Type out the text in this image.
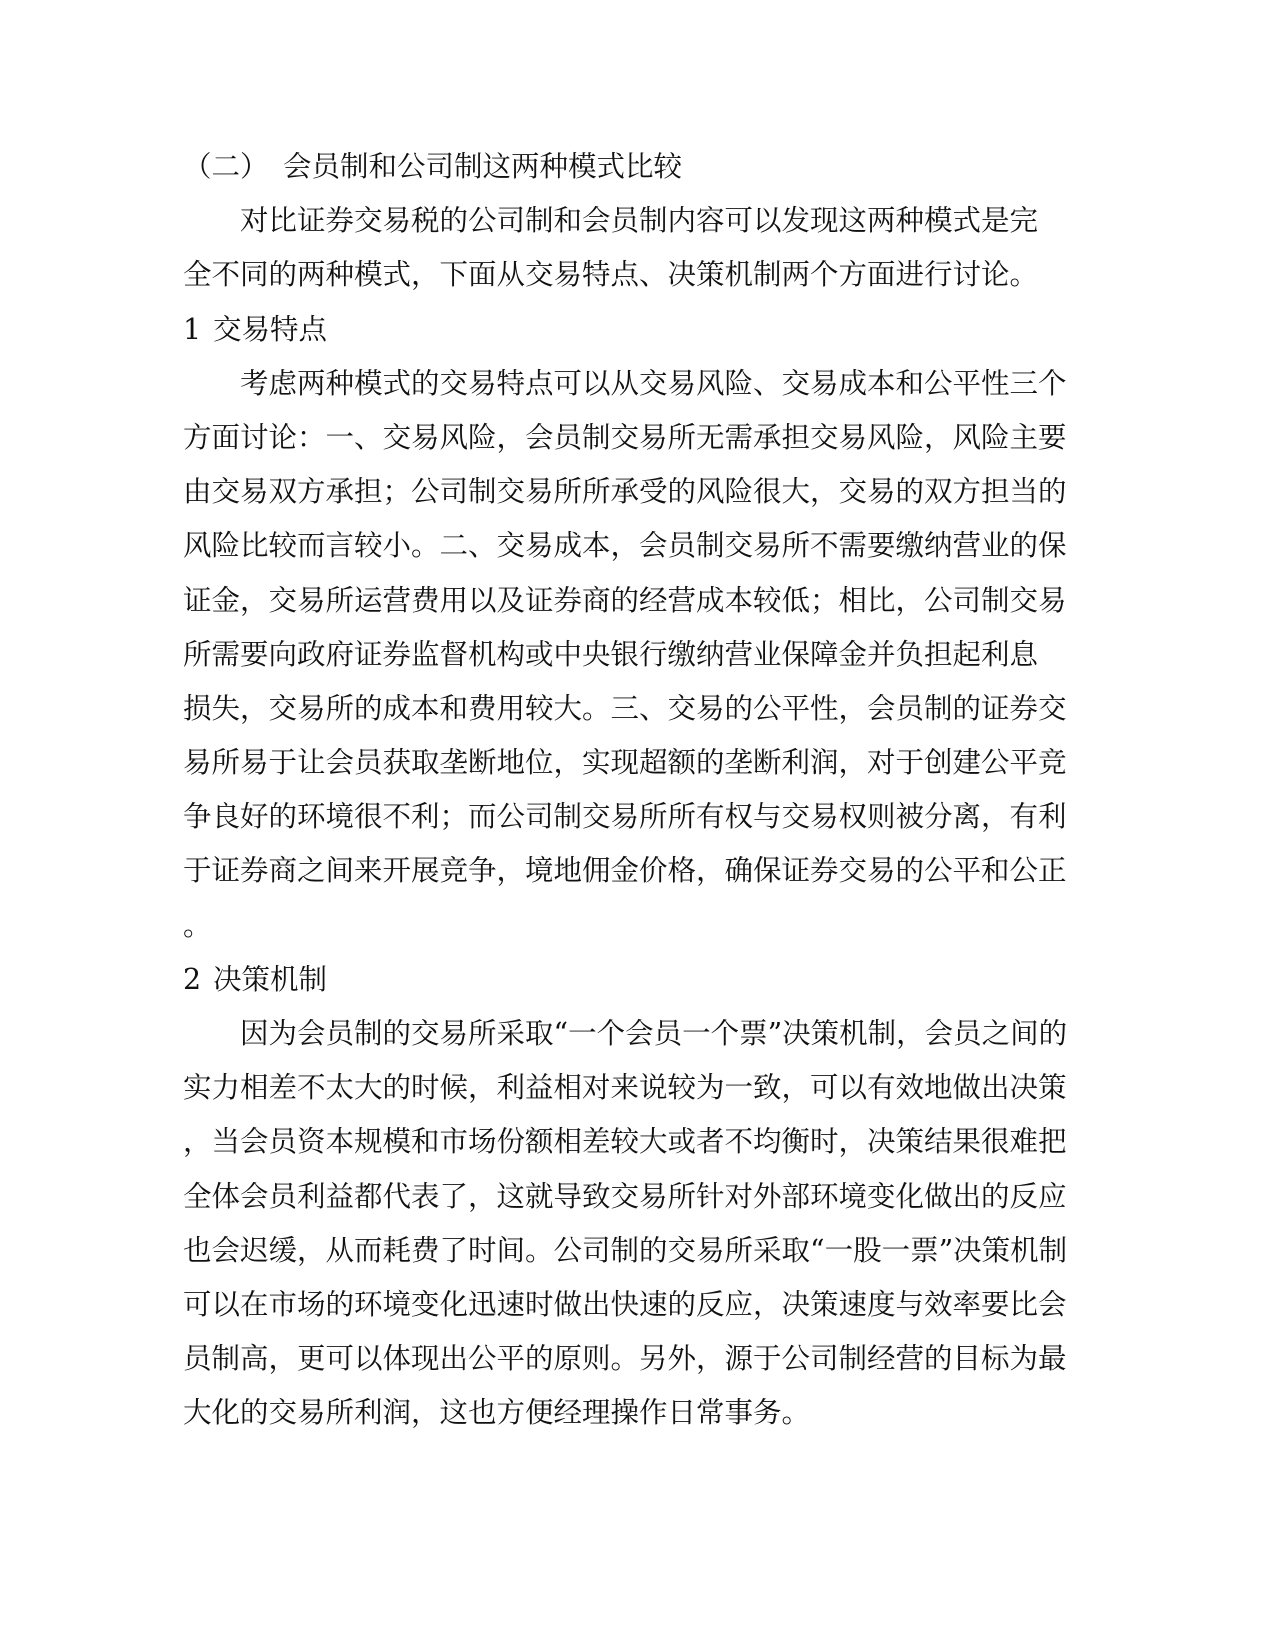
（二） 会员制和公司制这两种模式比较
对比证券交易税的公司制和会员制内容可以发现这两种模式是完
全不同的两种模式，下面从交易特点、决策机制两个方面进行讨论。
1 交易特点
考虑两种模式的交易特点可以从交易风险、交易成本和公平性三个
方面讨论：一、交易风险，会员制交易所无需承担交易风险，风险主要
由交易双方承担；公司制交易所所承受的风险很大，交易的双方担当的
风险比较而言较小。二、交易成本，会员制交易所不需要缴纳营业的保
证金，交易所运营费用以及证券商的经营成本较低；相比，公司制交易
所需要向政府证券监督机构或中央银行缴纳营业保障金并负担起利息
损失，交易所的成本和费用较大。三、交易的公平性，会员制的证券交
易所易于让会员获取垄断地位，实现超额的垄断利润，对于创建公平竞
争良好的环境很不利；而公司制交易所所有权与交易权则被分离，有利
于证券商之间来开展竞争，境地佣金价格，确保证券交易的公平和公正
。
2 决策机制
因为会员制的交易所采取“一个会员一个票”决策机制，会员之间的
实力相差不太大的时候，利益相对来说较为一致，可以有效地做出决策
，当会员资本规模和市场份额相差较大或者不均衡时，决策结果很难把
全体会员利益都代表了，这就导致交易所针对外部环境变化做出的反应
也会迟缓，从而耗费了时间。公司制的交易所采取“一股一票”决策机制
可以在市场的环境变化迅速时做出快速的反应，决策速度与效率要比会
员制高，更可以体现出公平的原则。另外，源于公司制经营的目标为最
大化的交易所利润，这也方便经理操作日常事务。
